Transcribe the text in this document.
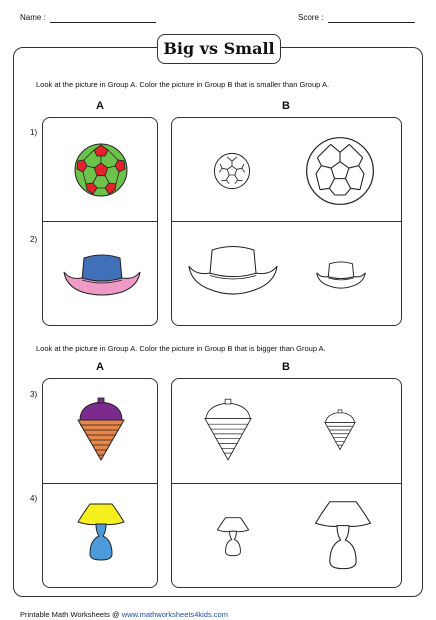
Name :	Score :
Big vs Small
Look at the picture in Group A. Color the picture in Group B that is smaller than Group A.
A	B
1)
2)
Look at the picture in Group A. Color the picture in Group B that is bigger than Group A.
A	B
3)
4)
Printable Math Worksheets @ www.mathworksheets4kids.com
